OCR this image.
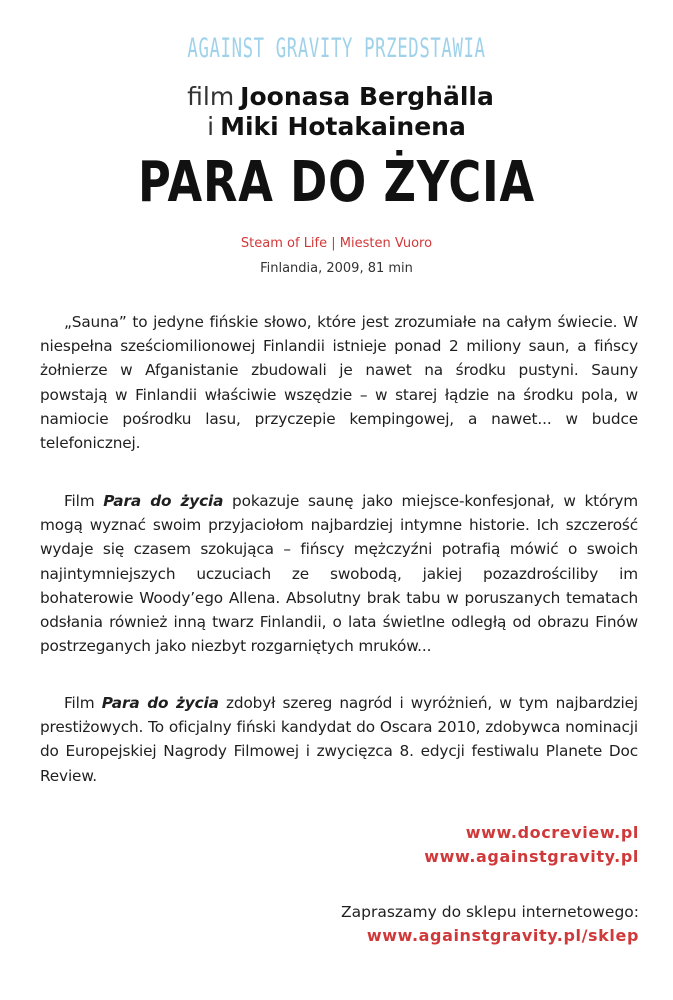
AGAINST GRAVITY PRZEDSTAWIA
film Joonasa Berghälla
i Miki Hotakainena
PARA DO ŻYCIA
Steam of Life | Miesten Vuoro
Finlandia, 2009, 81 min

„Sauna” to jedyne fińskie słowo, które jest zrozumiałe na całym świecie. W niespełna sześciomilionowej Finlandii istnieje ponad 2 miliony saun, a fińscy żołnierze w Afganistanie zbudowali je nawet na środku pustyni. Sauny powstają w Finlandii właściwie wszędzie – w starej łądzie na środku pola, w namiocie pośrodku lasu, przyczepie kempingowej, a nawet... w budce telefonicznej.

Film Para do życia pokazuje saunę jako miejsce-konfesjonał, w którym mogą wyznać swoim przyjaciołom najbardziej intymne historie. Ich szczerość wydaje się czasem szokująca – fińscy mężczyźni potrafią mówić o swoich najintymniejszych uczuciach ze swobodą, jakiej pozazdrościliby im bohaterowie Woody’ego Allena. Absolutny brak tabu w poruszanych tematach odsłania również inną twarz Finlandii, o lata świetlne odległą od obrazu Finów postrzeganych jako niezbyt rozgarniętych mruków...

Film Para do życia zdobył szereg nagród i wyróżnień, w tym najbardziej prestiżowych. To oficjalny fiński kandydat do Oscara 2010, zdobywca nominacji do Europejskiej Nagrody Filmowej i zwycięzca 8. edycji festiwalu Planete Doc Review.

www.docreview.pl
www.againstgravity.pl
Zapraszamy do sklepu internetowego:
www.againstgravity.pl/sklep
